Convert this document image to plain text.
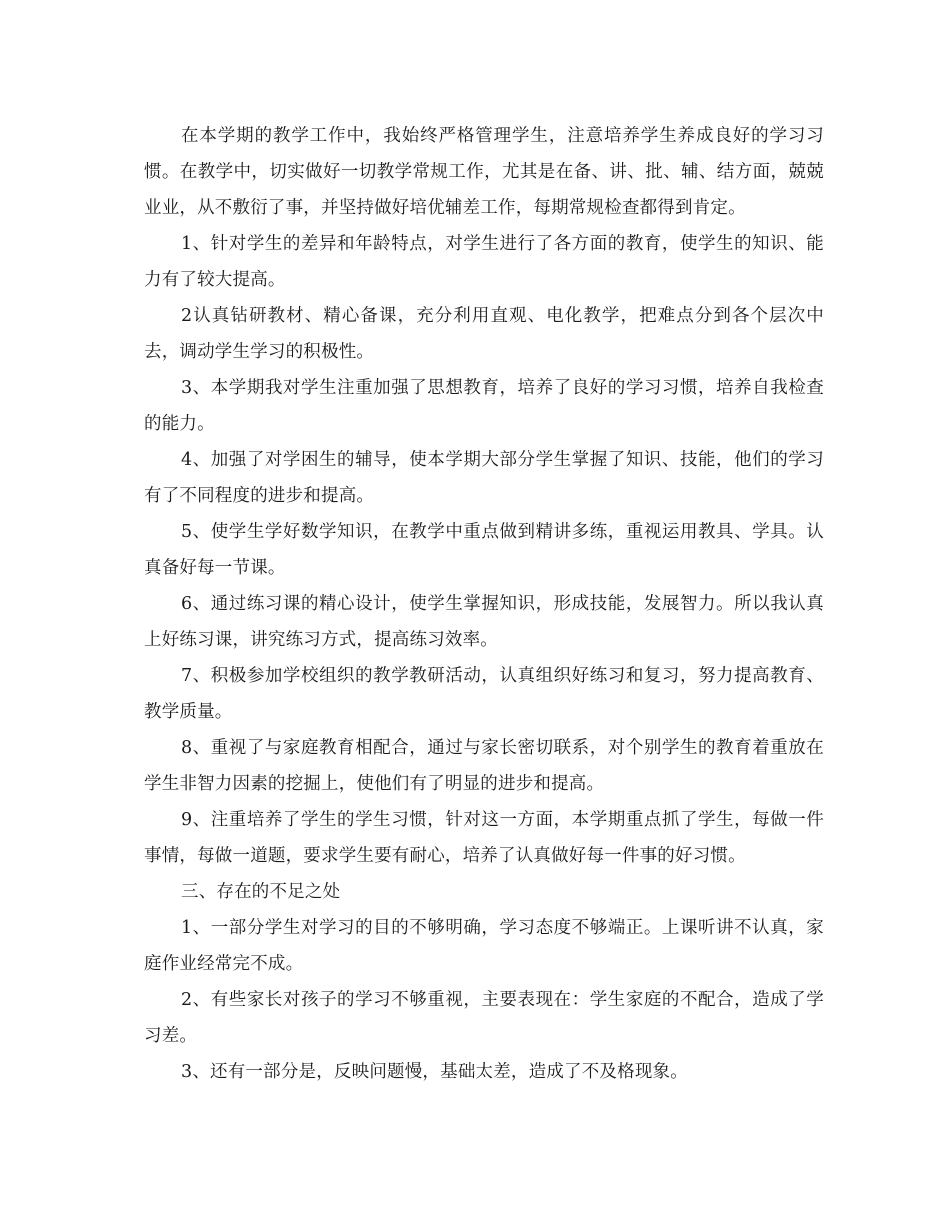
在本学期的教学工作中，我始终严格管理学生，注意培养学生养成良好的学习习惯。在教学中，切实做好一切教学常规工作，尤其是在备、讲、批、辅、结方面，兢兢业业，从不敷衍了事，并坚持做好培优辅差工作，每期常规检查都得到肯定。

1、针对学生的差异和年龄特点，对学生进行了各方面的教育，使学生的知识、能力有了较大提高。

2认真钻研教材、精心备课，充分利用直观、电化教学，把难点分到各个层次中去，调动学生学习的积极性。

3、本学期我对学生注重加强了思想教育，培养了良好的学习习惯，培养自我检查的能力。

4、加强了对学困生的辅导，使本学期大部分学生掌握了知识、技能，他们的学习有了不同程度的进步和提高。

5、使学生学好数学知识，在教学中重点做到精讲多练，重视运用教具、学具。认真备好每一节课。

6、通过练习课的精心设计，使学生掌握知识，形成技能，发展智力。所以我认真上好练习课，讲究练习方式，提高练习效率。

7、积极参加学校组织的教学教研活动，认真组织好练习和复习，努力提高教育、教学质量。

8、重视了与家庭教育相配合，通过与家长密切联系，对个别学生的教育着重放在学生非智力因素的挖掘上，使他们有了明显的进步和提高。

9、注重培养了学生的学生习惯，针对这一方面，本学期重点抓了学生，每做一件事情，每做一道题，要求学生要有耐心，培养了认真做好每一件事的好习惯。

三、存在的不足之处

1、一部分学生对学习的目的不够明确，学习态度不够端正。上课听讲不认真，家庭作业经常完不成。

2、有些家长对孩子的学习不够重视，主要表现在：学生家庭的不配合，造成了学习差。

3、还有一部分是，反映问题慢，基础太差，造成了不及格现象。
